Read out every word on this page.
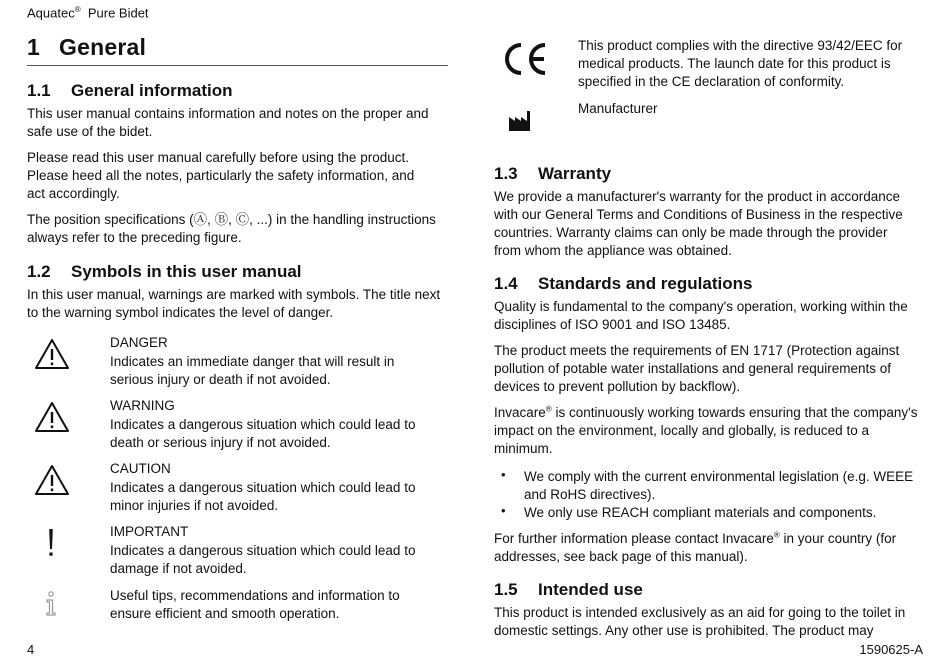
Aquatec® Pure Bidet
1 General
1.1 General information
This user manual contains information and notes on the proper and safe use of the bidet.
Please read this user manual carefully before using the product. Please heed all the notes, particularly the safety information, and act accordingly.
The position specifications (Ⓐ, Ⓑ, Ⓒ, ...) in the handling instructions always refer to the preceding figure.
1.2 Symbols in this user manual
In this user manual, warnings are marked with symbols. The title next to the warning symbol indicates the level of danger.
DANGER
Indicates an immediate danger that will result in serious injury or death if not avoided.
WARNING
Indicates a dangerous situation which could lead to death or serious injury if not avoided.
CAUTION
Indicates a dangerous situation which could lead to minor injuries if not avoided.
IMPORTANT
Indicates a dangerous situation which could lead to damage if not avoided.
Useful tips, recommendations and information to ensure efficient and smooth operation.
This product complies with the directive 93/42/EEC for medical products. The launch date for this product is specified in the CE declaration of conformity.
Manufacturer
1.3 Warranty
We provide a manufacturer's warranty for the product in accordance with our General Terms and Conditions of Business in the respective countries. Warranty claims can only be made through the provider from whom the appliance was obtained.
1.4 Standards and regulations
Quality is fundamental to the company's operation, working within the disciplines of ISO 9001 and ISO 13485.
The product meets the requirements of EN 1717 (Protection against pollution of potable water installations and general requirements of devices to prevent pollution by backflow).
Invacare® is continuously working towards ensuring that the company's impact on the environment, locally and globally, is reduced to a minimum.
• We comply with the current environmental legislation (e.g. WEEE and RoHS directives).
• We only use REACH compliant materials and components.
For further information please contact Invacare® in your country (for addresses, see back page of this manual).
1.5 Intended use
This product is intended exclusively as an aid for going to the toilet in domestic settings. Any other use is prohibited. The product may
4	1590625-A
